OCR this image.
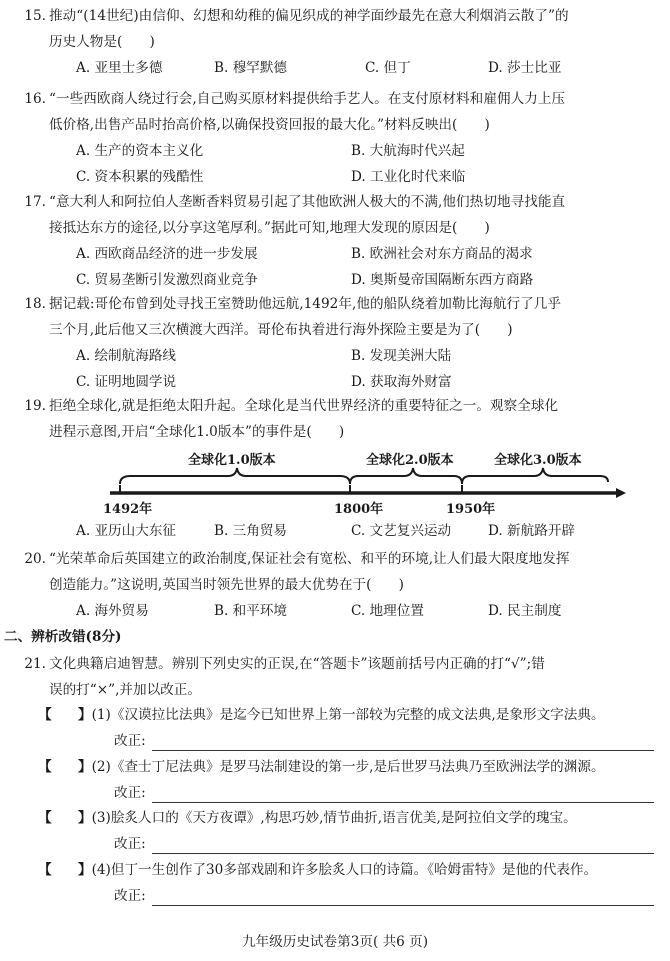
15. 推动“(14世纪)由信仰、幻想和幼稚的偏见织成的神学面纱最先在意大利烟消云散了”的
历史人物是(　　)
A. 亚里士多德	B. 穆罕默德	C. 但丁	D. 莎士比亚
16. “一些西欧商人绕过行会,自己购买原材料提供给手艺人。在支付原材料和雇佣人力上压
低价格,出售产品时抬高价格,以确保投资回报的最大化。”材料反映出(　　)
A. 生产的资本主义化	B. 大航海时代兴起
C. 资本积累的残酷性	D. 工业化时代来临
17. “意大利人和阿拉伯人垄断香料贸易引起了其他欧洲人极大的不满,他们热切地寻找能直
接抵达东方的途径,以分享这笔厚利。”据此可知,地理大发现的原因是(　　)
A. 西欧商品经济的进一步发展	B. 欧洲社会对东方商品的渴求
C. 贸易垄断引发激烈商业竞争	D. 奥斯曼帝国隔断东西方商路
18. 据记载:哥伦布曾到处寻找王室赞助他远航,1492年,他的船队绕着加勒比海航行了几乎
三个月,此后他又三次横渡大西洋。哥伦布执着进行海外探险主要是为了(　　)
A. 绘制航海路线	B. 发现美洲大陆
C. 证明地圆学说	D. 获取海外财富
19. 拒绝全球化,就是拒绝太阳升起。全球化是当代世界经济的重要特征之一。观察全球化
进程示意图,开启“全球化1.0版本”的事件是(　　)
全球化1.0版本	全球化2.0版本	全球化3.0版本
1492年	1800年	1950年
A. 亚历山大东征	B. 三角贸易	C. 文艺复兴运动	D. 新航路开辟
20. “光荣革命后英国建立的政治制度,保证社会有宽松、和平的环境,让人们最大限度地发挥
创造能力。”这说明,英国当时领先世界的最大优势在于(　　)
A. 海外贸易	B. 和平环境	C. 地理位置	D. 民主制度
二、辨析改错(8分)
21. 文化典籍启迪智慧。辨别下列史实的正误,在“答题卡”该题前括号内正确的打“√”;错
误的打“×”,并加以改正。
【	】 (1)《汉谟拉比法典》是迄今已知世界上第一部较为完整的成文法典,是象形文字法典。
改正:
【	】 (2)《查士丁尼法典》是罗马法制建设的第一步,是后世罗马法典乃至欧洲法学的渊源。
改正:
【	】 (3)脍炙人口的《天方夜谭》,构思巧妙,情节曲折,语言优美,是阿拉伯文学的瑰宝。
改正:
【	】 (4)但丁一生创作了30多部戏剧和许多脍炙人口的诗篇。《哈姆雷特》是他的代表作。
改正:
九年级历史试卷第3页( 共6 页)
